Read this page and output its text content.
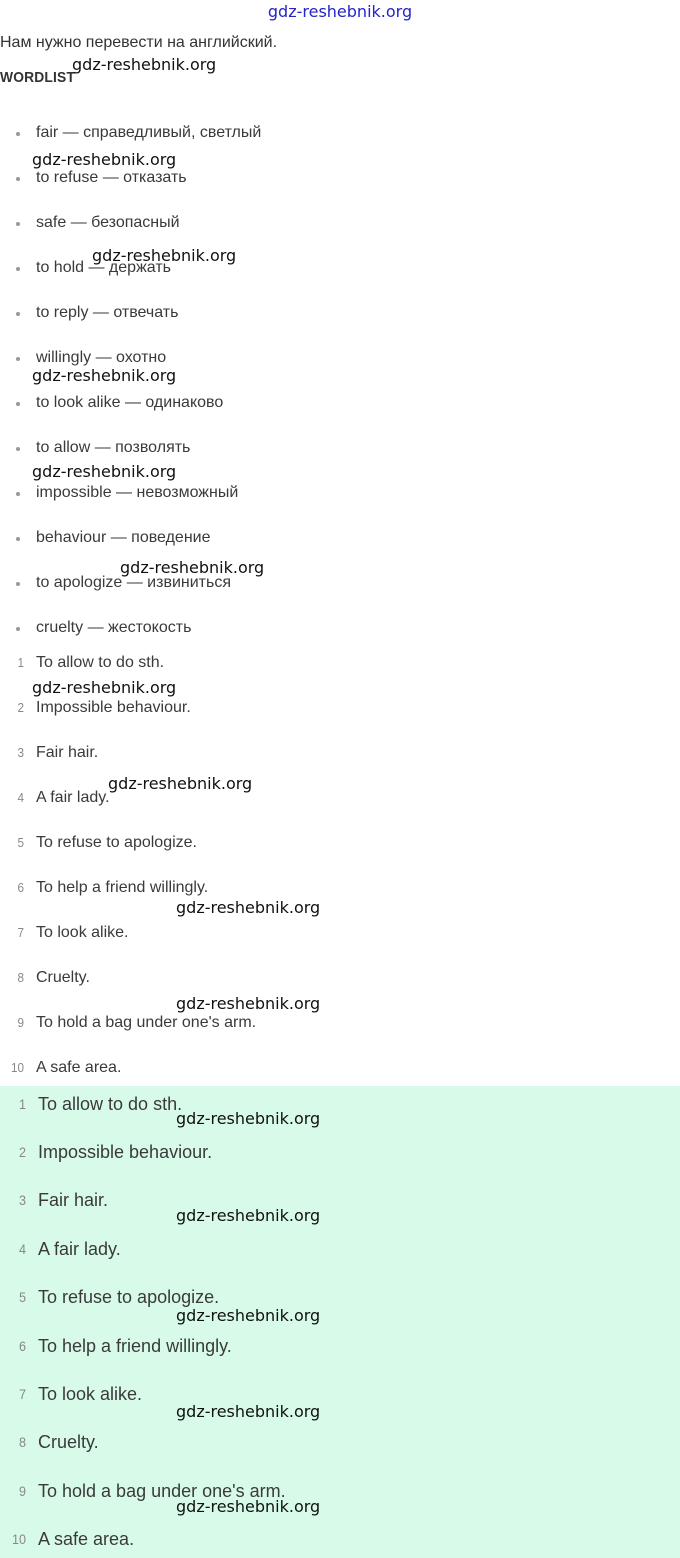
gdz-reshebnik.org

Нам нужно перевести на английский.

WORDLIST
fair — справедливый, светлый
to refuse — отказать
safe — безопасный
to hold — держать
to reply — отвечать
willingly — охотно
to look alike — одинаково
to allow — позволять
impossible — невозможный
behaviour — поведение
to apologize — извиниться
cruelty — жестокость
1 To allow to do sth.
2 Impossible behaviour.
3 Fair hair.
4 A fair lady.
5 To refuse to apologize.
6 To help a friend willingly.
7 To look alike.
8 Cruelty.
9 To hold a bag under one's arm.
10 A safe area.
1 To allow to do sth.
2 Impossible behaviour.
3 Fair hair.
4 A fair lady.
5 To refuse to apologize.
6 To help a friend willingly.
7 To look alike.
8 Cruelty.
9 To hold a bag under one's arm.
10 A safe area.
gdz-reshebnik.org
gdz-reshebnik.org
gdz-reshebnik.org
gdz-reshebnik.org
gdz-reshebnik.org
gdz-reshebnik.org
gdz-reshebnik.org
gdz-reshebnik.org
gdz-reshebnik.org
gdz-reshebnik.org
gdz-reshebnik.org
gdz-reshebnik.org
gdz-reshebnik.org
gdz-reshebnik.org
gdz-reshebnik.org
